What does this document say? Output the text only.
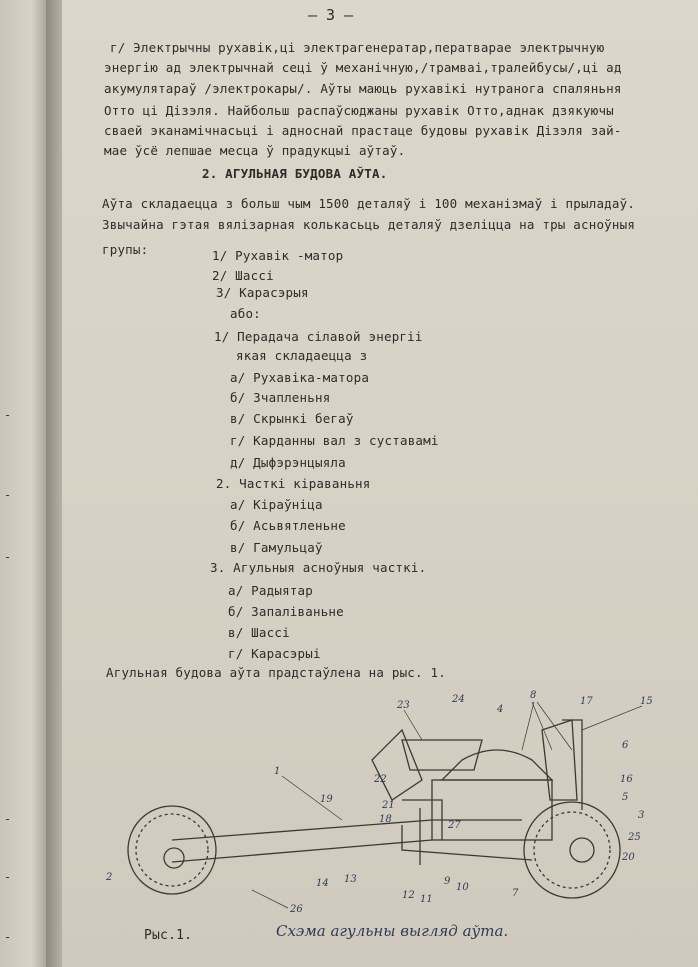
-
-
-
-
-
-
— 3 —
г/ Электрычны рухавік,ці электрагенератар,ператвараe электрычную
энергію ад электрычнай сеці ў механічную,/трамваі,тралейбусы/,ці ад
акумулятараў /электрокары/. Аўты маюць рухавікі нутранога спаляньня
Отто ці Дізэля. Найбольш распаўсюджаны рухавік Отто,аднак дзякуючы
сваей эканамічнасьці і адноснай прастаце будовы рухавік Дізэля зай-
мае ўсё лепшае месца ў прадукцыі аўтаў.
2. АГУЛЬНАЯ БУДОВА АЎТА.
Аўта складаецца з больш чым 1500 деталяў і 100 механізмаў і прыладаў.
Звычайна гэтая вялізарная колькасьць деталяў дзеліцца на тры асноўныя
групы:	1/ Рухавік -матор
2/ Шассі
3/ Карасэрыя
або:
1/ Перадача сілавой энергіі
якая складаецца з
а/ Рухавіка-матора
б/ Зчапленьня
в/ Скрынкі бегаў
г/ Карданны вал з суставамі
д/ Дыфэрэнцыяла
2. Часткі кіраваньня
а/ Кіраўніца
б/ Асьвятленьне
в/ Гамульцаў
3. Агульныя асноўныя часткі.
а/ Радыятар
б/ Запаліваньне
в/ Шассі
г/ Карасэрыі
Агульная будова аўта прадстаўлена на рыс. 1.
23
24
4
8
17	15
6
1
22
19
21
18
27
16
5
3
25
20
12 11
9
10
7
14 13
26
2
Рыс.1.	Схэма агульны выгляд аўта.
